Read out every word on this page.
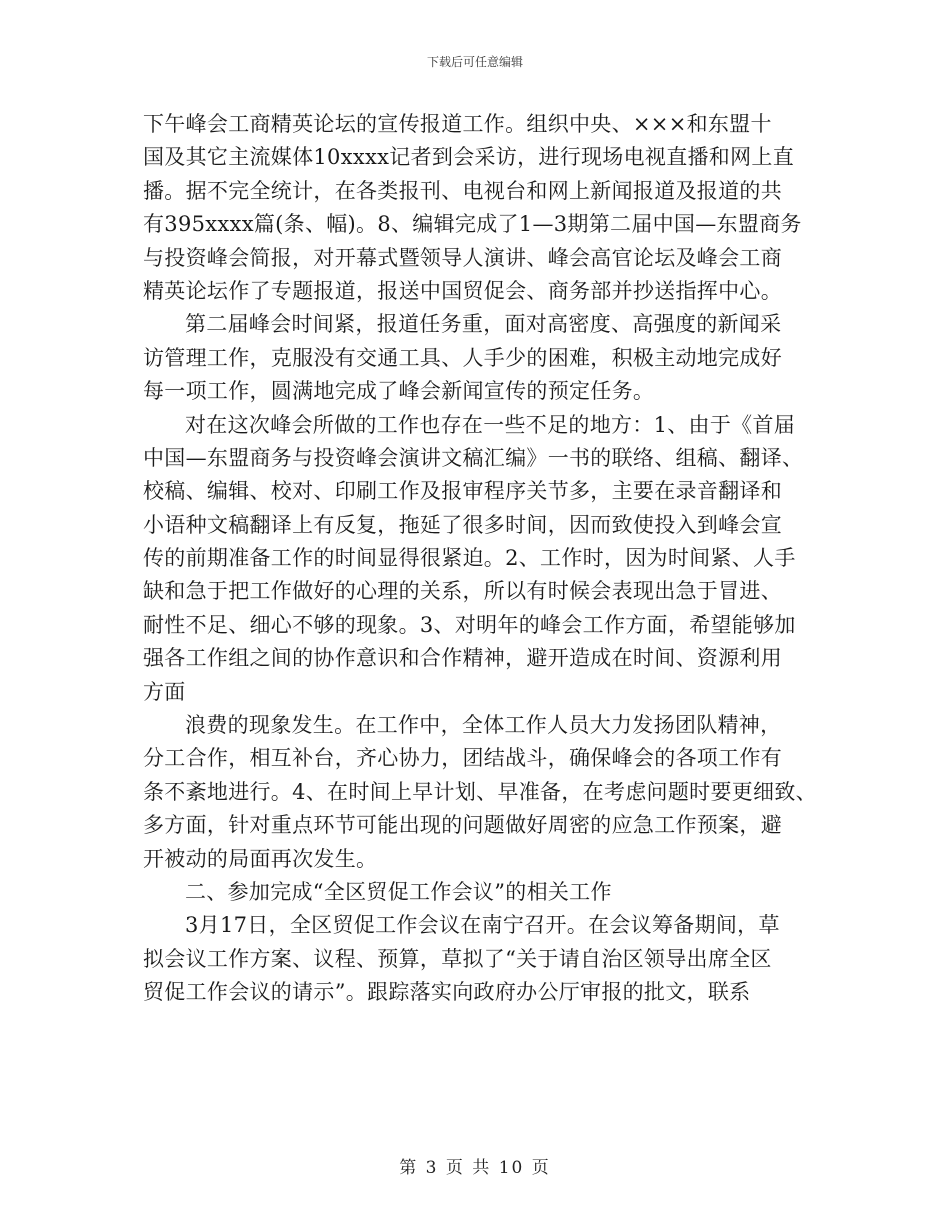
下载后可任意编辑
下午峰会工商精英论坛的宣传报道工作。组织中央、×××和东盟十
国及其它主流媒体10xxxx记者到会采访，进行现场电视直播和网上直
播。据不完全统计，在各类报刊、电视台和网上新闻报道及报道的共
有395xxxx篇(条、幅)。8、编辑完成了1—3期第二届中国—东盟商务
与投资峰会简报，对开幕式暨领导人演讲、峰会高官论坛及峰会工商
精英论坛作了专题报道，报送中国贸促会、商务部并抄送指挥中心。
第二届峰会时间紧，报道任务重，面对高密度、高强度的新闻采
访管理工作，克服没有交通工具、人手少的困难，积极主动地完成好
每一项工作，圆满地完成了峰会新闻宣传的预定任务。
对在这次峰会所做的工作也存在一些不足的地方：1、由于《首届
中国—东盟商务与投资峰会演讲文稿汇编》一书的联络、组稿、翻译、
校稿、编辑、校对、印刷工作及报审程序关节多，主要在录音翻译和
小语种文稿翻译上有反复，拖延了很多时间，因而致使投入到峰会宣
传的前期准备工作的时间显得很紧迫。2、工作时，因为时间紧、人手
缺和急于把工作做好的心理的关系，所以有时候会表现出急于冒进、
耐性不足、细心不够的现象。3、对明年的峰会工作方面，希望能够加
强各工作组之间的协作意识和合作精神，避开造成在时间、资源利用
方面
浪费的现象发生。在工作中，全体工作人员大力发扬团队精神，
分工合作，相互补台，齐心协力，团结战斗，确保峰会的各项工作有
条不紊地进行。4、在时间上早计划、早准备，在考虑问题时要更细致、
多方面，针对重点环节可能出现的问题做好周密的应急工作预案，避
开被动的局面再次发生。
二、参加完成“全区贸促工作会议”的相关工作
3月17日，全区贸促工作会议在南宁召开。在会议筹备期间，草
拟会议工作方案、议程、预算，草拟了“关于请自治区领导出席全区
贸促工作会议的请示”。跟踪落实向政府办公厅审报的批文，联系
第 3 页 共 10 页
